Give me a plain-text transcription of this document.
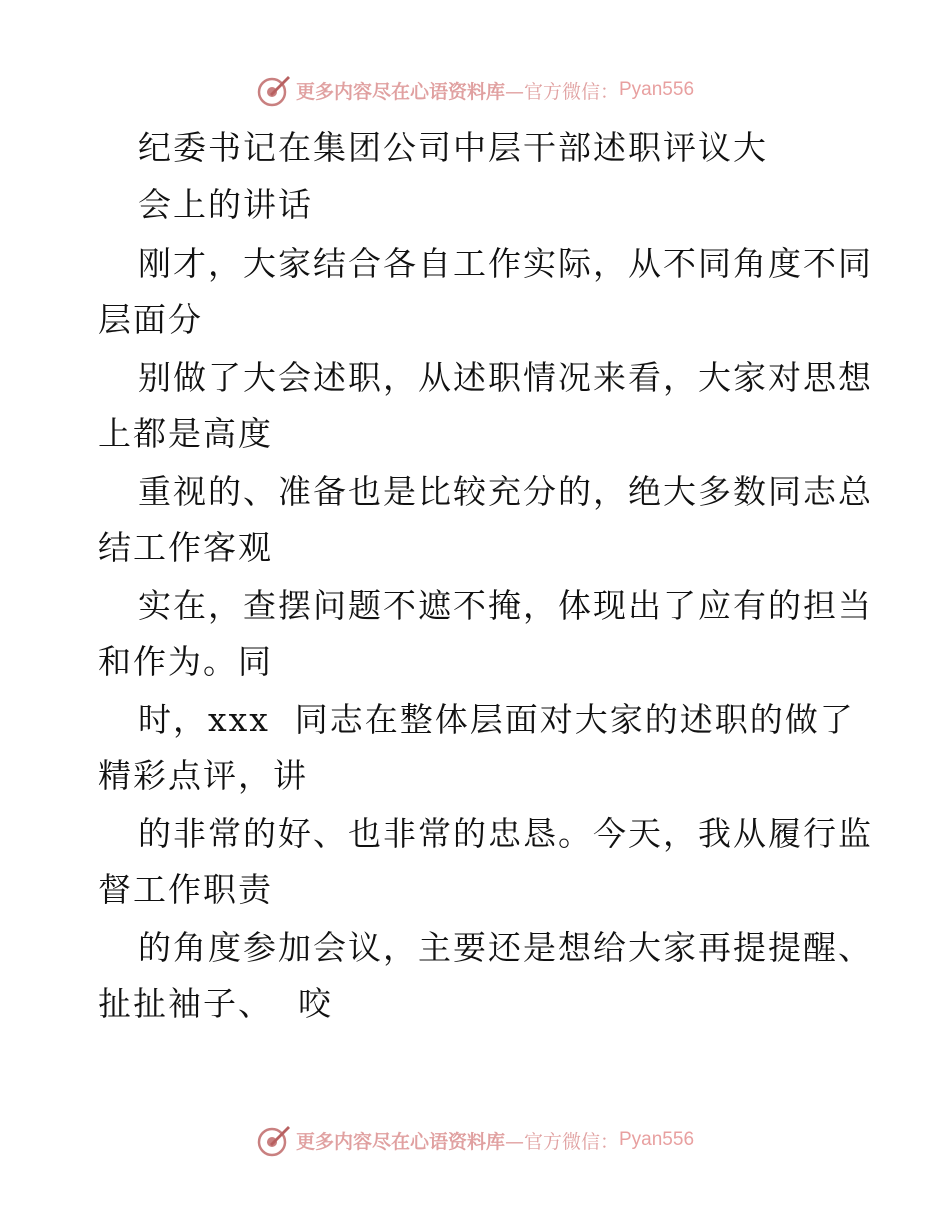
更多内容尽在心语资料库 —官方微信： Pyan556
纪委书记在集团公司中层干部述职评议大
会上的讲话
刚才，大家结合各自工作实际，从不同角度不同
层面分
别做了大会述职，从述职情况来看，大家对思想
上都是高度
重视的、准备也是比较充分的，绝大多数同志总
结工作客观
实在，查摆问题不遮不掩，体现出了应有的担当
和作为。同
时，xxx  同志在整体层面对大家的述职的做了
精彩点评，讲
的非常的好、也非常的忠恳。今天，我从履行监
督工作职责
的角度参加会议，主要还是想给大家再提提醒、
扯扯袖子、  咬
更多内容尽在心语资料库 —官方微信： Pyan556
